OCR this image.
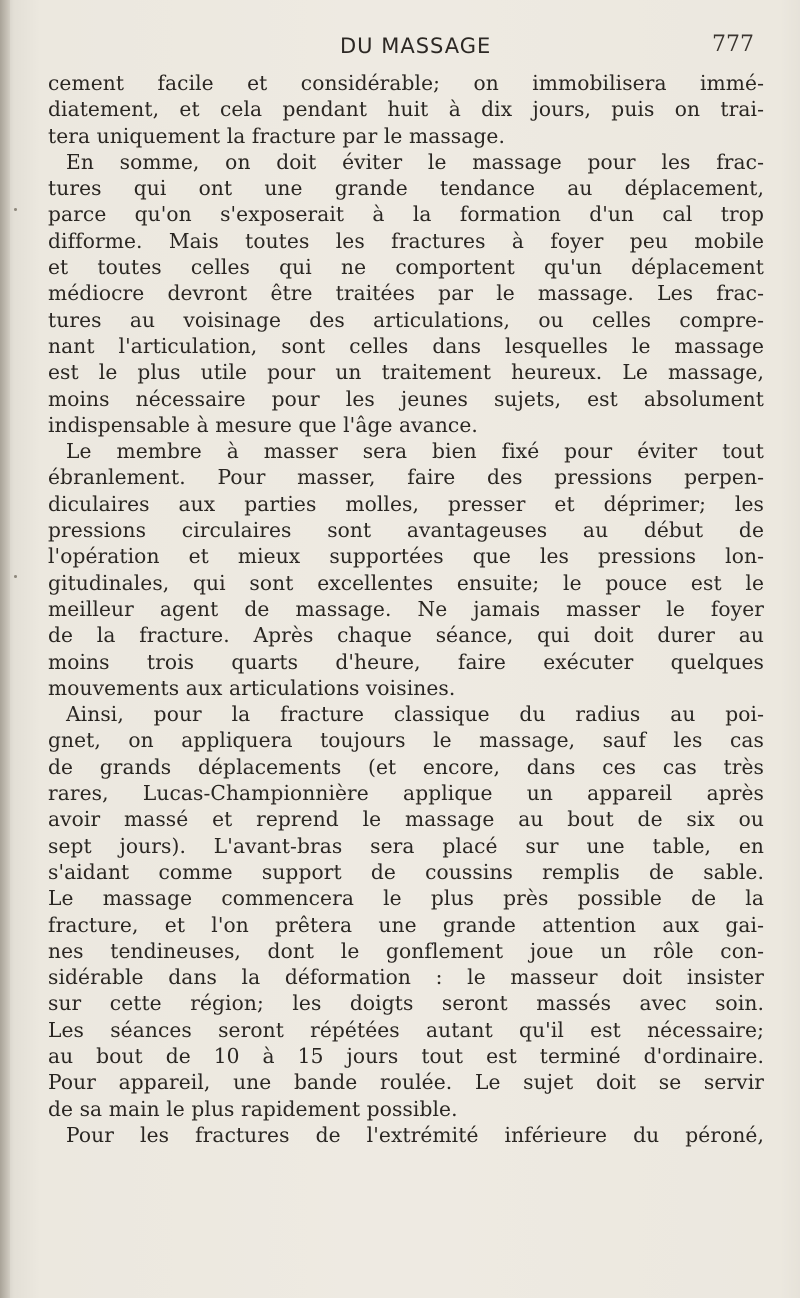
DU MASSAGE	777
cement facile et considérable; on immobilisera immé-
diatement, et cela pendant huit à dix jours, puis on trai-
tera uniquement la fracture par le massage.
En somme, on doit éviter le massage pour les frac-
tures qui ont une grande tendance au déplacement,
parce qu'on s'exposerait à la formation d'un cal trop
difforme. Mais toutes les fractures à foyer peu mobile
et toutes celles qui ne comportent qu'un déplacement
médiocre devront être traitées par le massage. Les frac-
tures au voisinage des articulations, ou celles compre-
nant l'articulation, sont celles dans lesquelles le massage
est le plus utile pour un traitement heureux. Le massage,
moins nécessaire pour les jeunes sujets, est absolument
indispensable à mesure que l'âge avance.
Le membre à masser sera bien fixé pour éviter tout
ébranlement. Pour masser, faire des pressions perpen-
diculaires aux parties molles, presser et déprimer; les
pressions circulaires sont avantageuses au début de
l'opération et mieux supportées que les pressions lon-
gitudinales, qui sont excellentes ensuite; le pouce est le
meilleur agent de massage. Ne jamais masser le foyer
de la fracture. Après chaque séance, qui doit durer au
moins trois quarts d'heure, faire exécuter quelques
mouvements aux articulations voisines.
Ainsi, pour la fracture classique du radius au poi-
gnet, on appliquera toujours le massage, sauf les cas
de grands déplacements (et encore, dans ces cas très
rares, Lucas-Championnière applique un appareil après
avoir massé et reprend le massage au bout de six ou
sept jours). L'avant-bras sera placé sur une table, en
s'aidant comme support de coussins remplis de sable.
Le massage commencera le plus près possible de la
fracture, et l'on prêtera une grande attention aux gai-
nes tendineuses, dont le gonflement joue un rôle con-
sidérable dans la déformation : le masseur doit insister
sur cette région; les doigts seront massés avec soin.
Les séances seront répétées autant qu'il est nécessaire;
au bout de 10 à 15 jours tout est terminé d'ordinaire.
Pour appareil, une bande roulée. Le sujet doit se servir
de sa main le plus rapidement possible.
Pour les fractures de l'extrémité inférieure du péroné,
